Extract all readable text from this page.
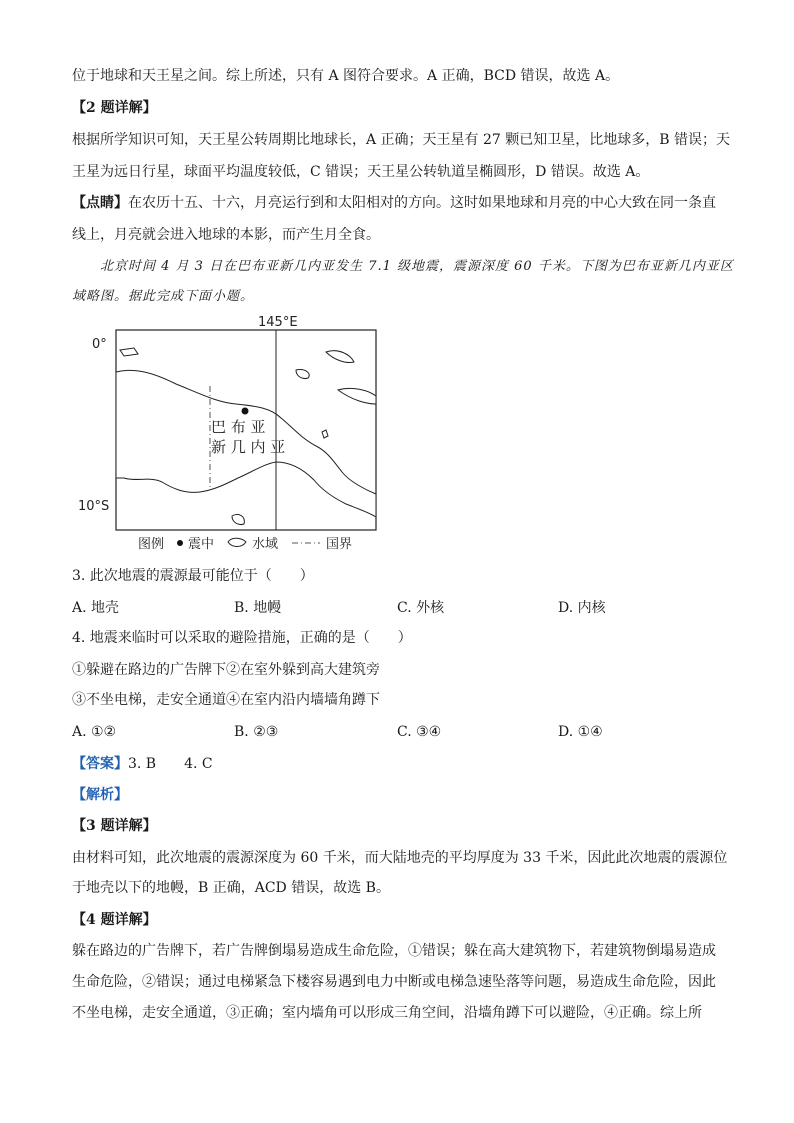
位于地球和天王星之间。综上所述，只有 A 图符合要求。A 正确，BCD 错误，故选 A。
【2 题详解】
根据所学知识可知，天王星公转周期比地球长，A 正确；天王星有 27 颗已知卫星，比地球多，B 错误；天
王星为远日行星，球面平均温度较低，C 错误；天王星公转轨道呈椭圆形，D 错误。故选 A。
【点睛】在农历十五、十六，月亮运行到和太阳相对的方向。这时如果地球和月亮的中心大致在同一条直
线上，月亮就会进入地球的本影，而产生月全食。
北京时间 4 月 3 日在巴布亚新几内亚发生 7.1 级地震，震源深度 60 千米。下图为巴布亚新几内亚区
域略图。据此完成下面小题。
145°E
0°
10°S
巴 布 亚
新 几 内 亚
图例 震中	水域	国界
3. 此次地震的震源最可能位于（　　）
A. 地壳	B. 地幔	C. 外核	D. 内核
4. 地震来临时可以采取的避险措施，正确的是（　　）
①躲避在路边的广告牌下②在室外躲到高大建筑旁
③不坐电梯，走安全通道④在室内沿内墙墙角蹲下
A. ①②	B. ②③	C. ③④	D. ①④
【答案】3. B　　4. C
【解析】
【3 题详解】
由材料可知，此次地震的震源深度为 60 千米，而大陆地壳的平均厚度为 33 千米，因此此次地震的震源位
于地壳以下的地幔，B 正确，ACD 错误，故选 B。
【4 题详解】
躲在路边的广告牌下，若广告牌倒塌易造成生命危险，①错误；躲在高大建筑物下，若建筑物倒塌易造成
生命危险，②错误；通过电梯紧急下楼容易遇到电力中断或电梯急速坠落等问题，易造成生命危险，因此
不坐电梯，走安全通道，③正确；室内墙角可以形成三角空间，沿墙角蹲下可以避险，④正确。综上所
